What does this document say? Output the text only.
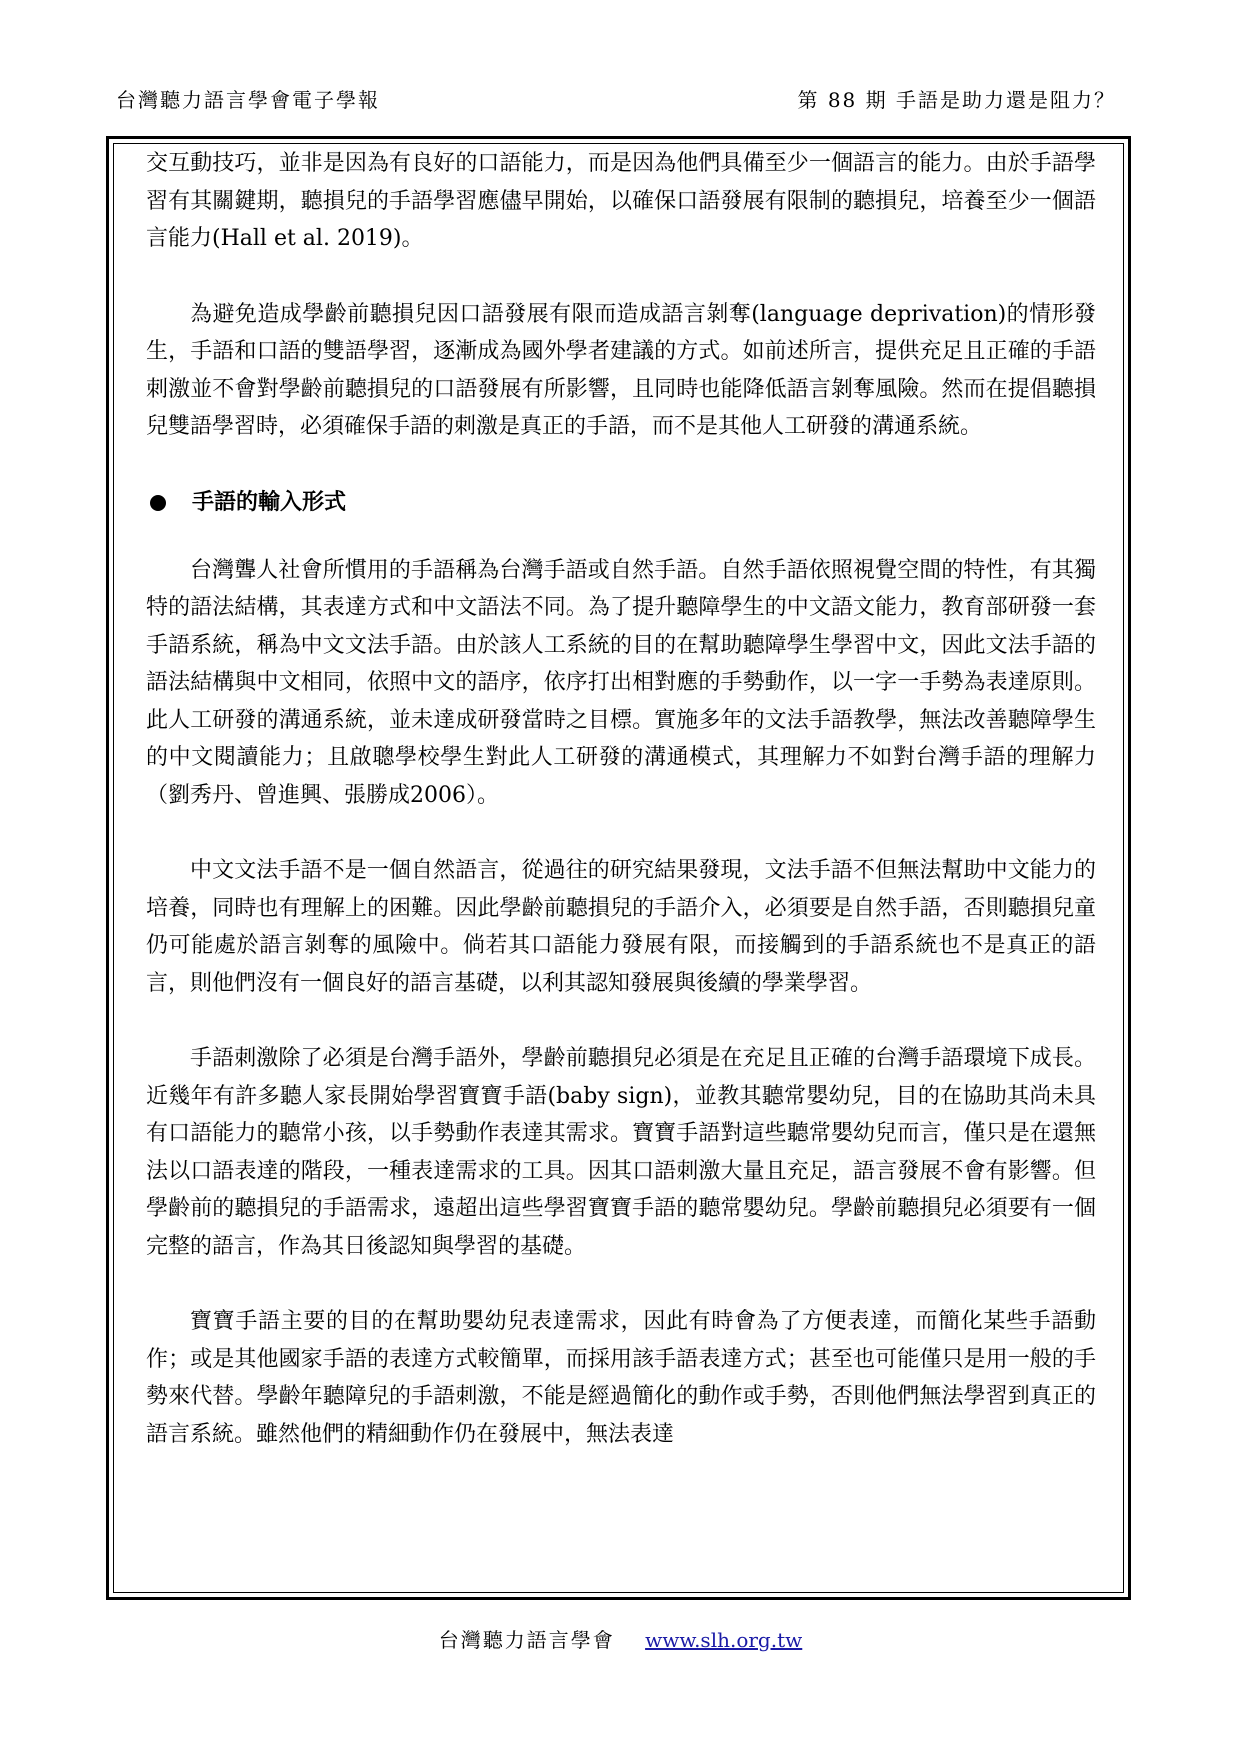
台灣聽力語言學會電子學報	第 88 期 手語是助力還是阻力？

交互動技巧，並非是因為有良好的口語能力，而是因為他們具備至少一個語言的能力。由於手語學習有其關鍵期，聽損兒的手語學習應儘早開始，以確保口語發展有限制的聽損兒，培養至少一個語言能力(Hall et al. 2019)。

為避免造成學齡前聽損兒因口語發展有限而造成語言剝奪(language deprivation)的情形發生，手語和口語的雙語學習，逐漸成為國外學者建議的方式。如前述所言，提供充足且正確的手語刺激並不會對學齡前聽損兒的口語發展有所影響，且同時也能降低語言剝奪風險。然而在提倡聽損兒雙語學習時，必須確保手語的刺激是真正的手語，而不是其他人工研發的溝通系統。

手語的輸入形式

台灣聾人社會所慣用的手語稱為台灣手語或自然手語。自然手語依照視覺空間的特性，有其獨特的語法結構，其表達方式和中文語法不同。為了提升聽障學生的中文語文能力，教育部研發一套手語系統，稱為中文文法手語。由於該人工系統的目的在幫助聽障學生學習中文，因此文法手語的語法結構與中文相同，依照中文的語序，依序打出相對應的手勢動作，以一字一手勢為表達原則。此人工研發的溝通系統，並未達成研發當時之目標。實施多年的文法手語教學，無法改善聽障學生的中文閱讀能力；且啟聰學校學生對此人工研發的溝通模式，其理解力不如對台灣手語的理解力（劉秀丹、曾進興、張勝成2006）。

中文文法手語不是一個自然語言，從過往的研究結果發現，文法手語不但無法幫助中文能力的培養，同時也有理解上的困難。因此學齡前聽損兒的手語介入，必須要是自然手語，否則聽損兒童仍可能處於語言剝奪的風險中。倘若其口語能力發展有限，而接觸到的手語系統也不是真正的語言，則他們沒有一個良好的語言基礎，以利其認知發展與後續的學業學習。

手語刺激除了必須是台灣手語外，學齡前聽損兒必須是在充足且正確的台灣手語環境下成長。近幾年有許多聽人家長開始學習寶寶手語(baby sign)，並教其聽常嬰幼兒，目的在協助其尚未具有口語能力的聽常小孩，以手勢動作表達其需求。寶寶手語對這些聽常嬰幼兒而言，僅只是在還無法以口語表達的階段，一種表達需求的工具。因其口語刺激大量且充足，語言發展不會有影響。但學齡前的聽損兒的手語需求，遠超出這些學習寶寶手語的聽常嬰幼兒。學齡前聽損兒必須要有一個完整的語言，作為其日後認知與學習的基礎。

寶寶手語主要的目的在幫助嬰幼兒表達需求，因此有時會為了方便表達，而簡化某些手語動作；或是其他國家手語的表達方式較簡單，而採用該手語表達方式；甚至也可能僅只是用一般的手勢來代替。學齡年聽障兒的手語刺激，不能是經過簡化的動作或手勢，否則他們無法學習到真正的語言系統。雖然他們的精細動作仍在發展中，無法表達

台灣聽力語言學會 www.slh.org.tw
